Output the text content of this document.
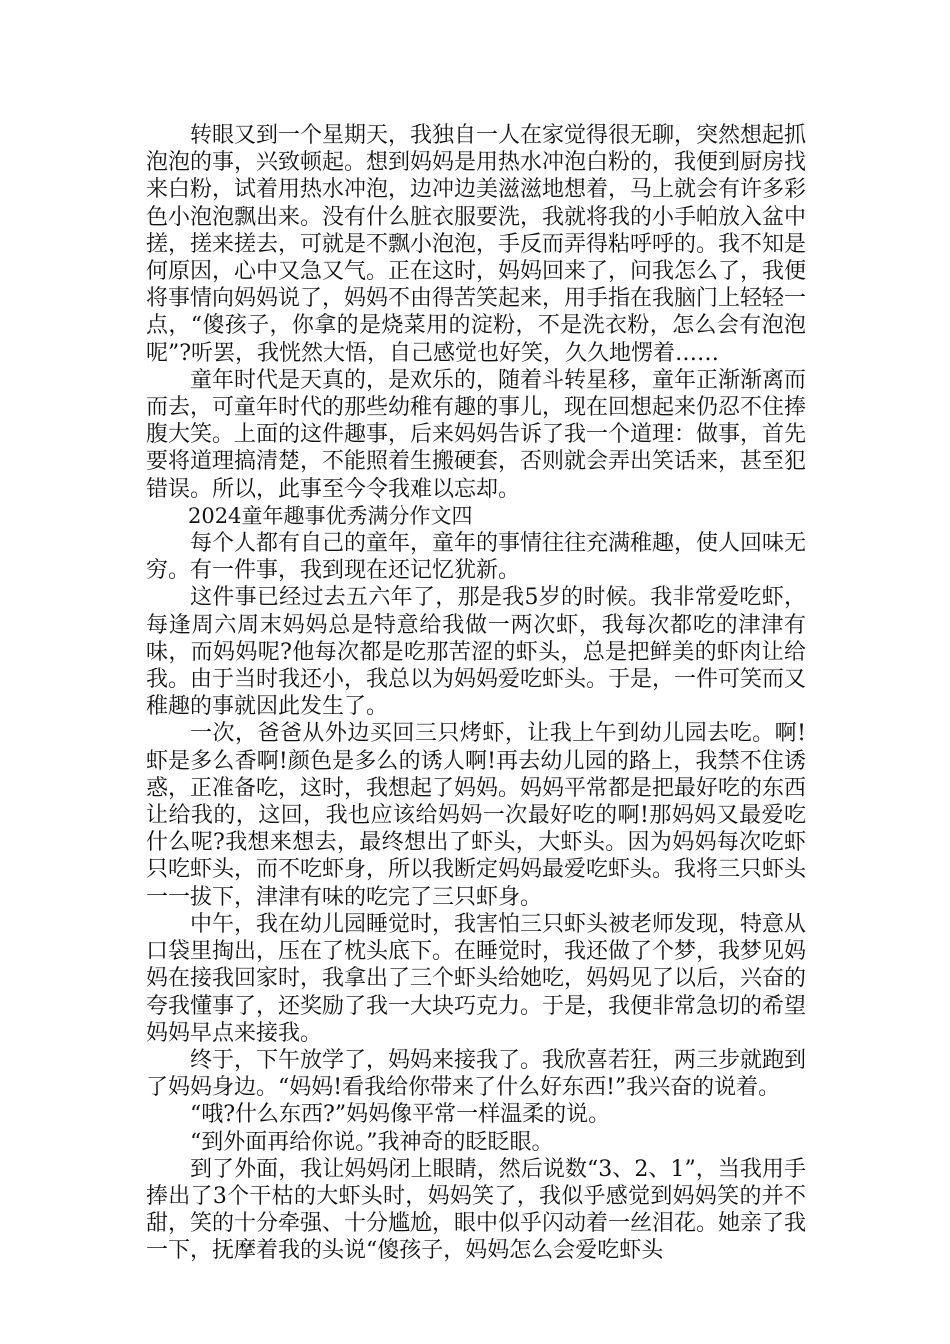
转眼又到一个星期天，我独自一人在家觉得很无聊，突然想起抓泡泡的事，兴致顿起。想到妈妈是用热水冲泡白粉的，我便到厨房找来白粉，试着用热水冲泡，边冲边美滋滋地想着，马上就会有许多彩色小泡泡飘出来。没有什么脏衣服要洗，我就将我的小手帕放入盆中搓，搓来搓去，可就是不飘小泡泡，手反而弄得粘呼呼的。我不知是何原因，心中又急又气。正在这时，妈妈回来了，问我怎么了，我便将事情向妈妈说了，妈妈不由得苦笑起来，用手指在我脑门上轻轻一点，“傻孩子，你拿的是烧菜用的淀粉，不是洗衣粉，怎么会有泡泡呢”?听罢，我恍然大悟，自己感觉也好笑，久久地愣着……

童年时代是天真的，是欢乐的，随着斗转星移，童年正渐渐离而而去，可童年时代的那些幼稚有趣的事儿，现在回想起来仍忍不住捧腹大笑。上面的这件趣事，后来妈妈告诉了我一个道理：做事，首先要将道理搞清楚，不能照着生搬硬套，否则就会弄出笑话来，甚至犯错误。所以，此事至今令我难以忘却。

2024童年趣事优秀满分作文四

每个人都有自己的童年，童年的事情往往充满稚趣，使人回味无穷。有一件事，我到现在还记忆犹新。

这件事已经过去五六年了，那是我5岁的时候。我非常爱吃虾，每逢周六周末妈妈总是特意给我做一两次虾，我每次都吃的津津有味，而妈妈呢?他每次都是吃那苦涩的虾头，总是把鲜美的虾肉让给我。由于当时我还小，我总以为妈妈爱吃虾头。于是，一件可笑而又稚趣的事就因此发生了。

一次，爸爸从外边买回三只烤虾，让我上午到幼儿园去吃。啊!虾是多么香啊!颜色是多么的诱人啊!再去幼儿园的路上，我禁不住诱惑，正准备吃，这时，我想起了妈妈。妈妈平常都是把最好吃的东西让给我的，这回，我也应该给妈妈一次最好吃的啊!那妈妈又最爱吃什么呢?我想来想去，最终想出了虾头，大虾头。因为妈妈每次吃虾只吃虾头，而不吃虾身，所以我断定妈妈最爱吃虾头。我将三只虾头一一拔下，津津有味的吃完了三只虾身。

中午，我在幼儿园睡觉时，我害怕三只虾头被老师发现，特意从口袋里掏出，压在了枕头底下。在睡觉时，我还做了个梦，我梦见妈妈在接我回家时，我拿出了三个虾头给她吃，妈妈见了以后，兴奋的夸我懂事了，还奖励了我一大块巧克力。于是，我便非常急切的希望妈妈早点来接我。

终于，下午放学了，妈妈来接我了。我欣喜若狂，两三步就跑到了妈妈身边。“妈妈!看我给你带来了什么好东西!”我兴奋的说着。

“哦?什么东西?”妈妈像平常一样温柔的说。

“到外面再给你说。”我神奇的眨眨眼。

到了外面，我让妈妈闭上眼睛，然后说数“3、2、1”，当我用手捧出了3个干枯的大虾头时，妈妈笑了，我似乎感觉到妈妈笑的并不甜，笑的十分牵强、十分尴尬，眼中似乎闪动着一丝泪花。她亲了我一下，抚摩着我的头说“傻孩子，妈妈怎么会爱吃虾头
